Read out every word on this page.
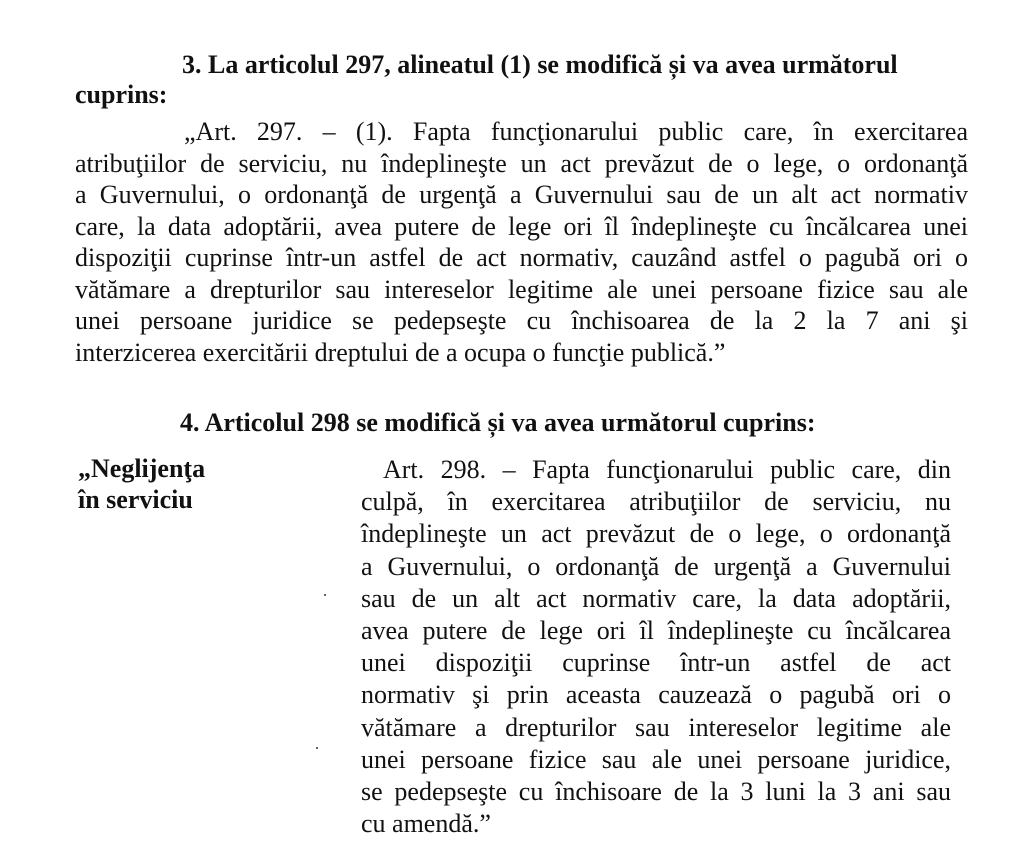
3. La articolul 297, alineatul (1) se modifică și va avea următorul
cuprins:
„Art. 297. – (1). Fapta funcţionarului public care, în exercitarea
atribuţiilor de serviciu, nu îndeplineşte un act prevăzut de o lege, o ordonanţă
a Guvernului, o ordonanţă de urgenţă a Guvernului sau de un alt act normativ
care, la data adoptării, avea putere de lege ori îl îndeplineşte cu încălcarea unei
dispoziţii cuprinse într-un astfel de act normativ, cauzând astfel o pagubă ori o
vătămare a drepturilor sau intereselor legitime ale unei persoane fizice sau ale
unei persoane juridice se pedepseşte cu închisoarea de la 2 la 7 ani şi
interzicerea exercitării dreptului de a ocupa o funcţie publică.”
4. Articolul 298 se modifică și va avea următorul cuprins:
„Neglijenţa
în serviciu
Art. 298. – Fapta funcţionarului public care, din
culpă, în exercitarea atribuţiilor de serviciu, nu
îndeplineşte un act prevăzut de o lege, o ordonanţă
a Guvernului, o ordonanţă de urgenţă a Guvernului
sau de un alt act normativ care, la data adoptării,
avea putere de lege ori îl îndeplineşte cu încălcarea
unei dispoziţii cuprinse într-un astfel de act
normativ şi prin aceasta cauzează o pagubă ori o
vătămare a drepturilor sau intereselor legitime ale
unei persoane fizice sau ale unei persoane juridice,
se pedepseşte cu închisoare de la 3 luni la 3 ani sau
cu amendă.”
